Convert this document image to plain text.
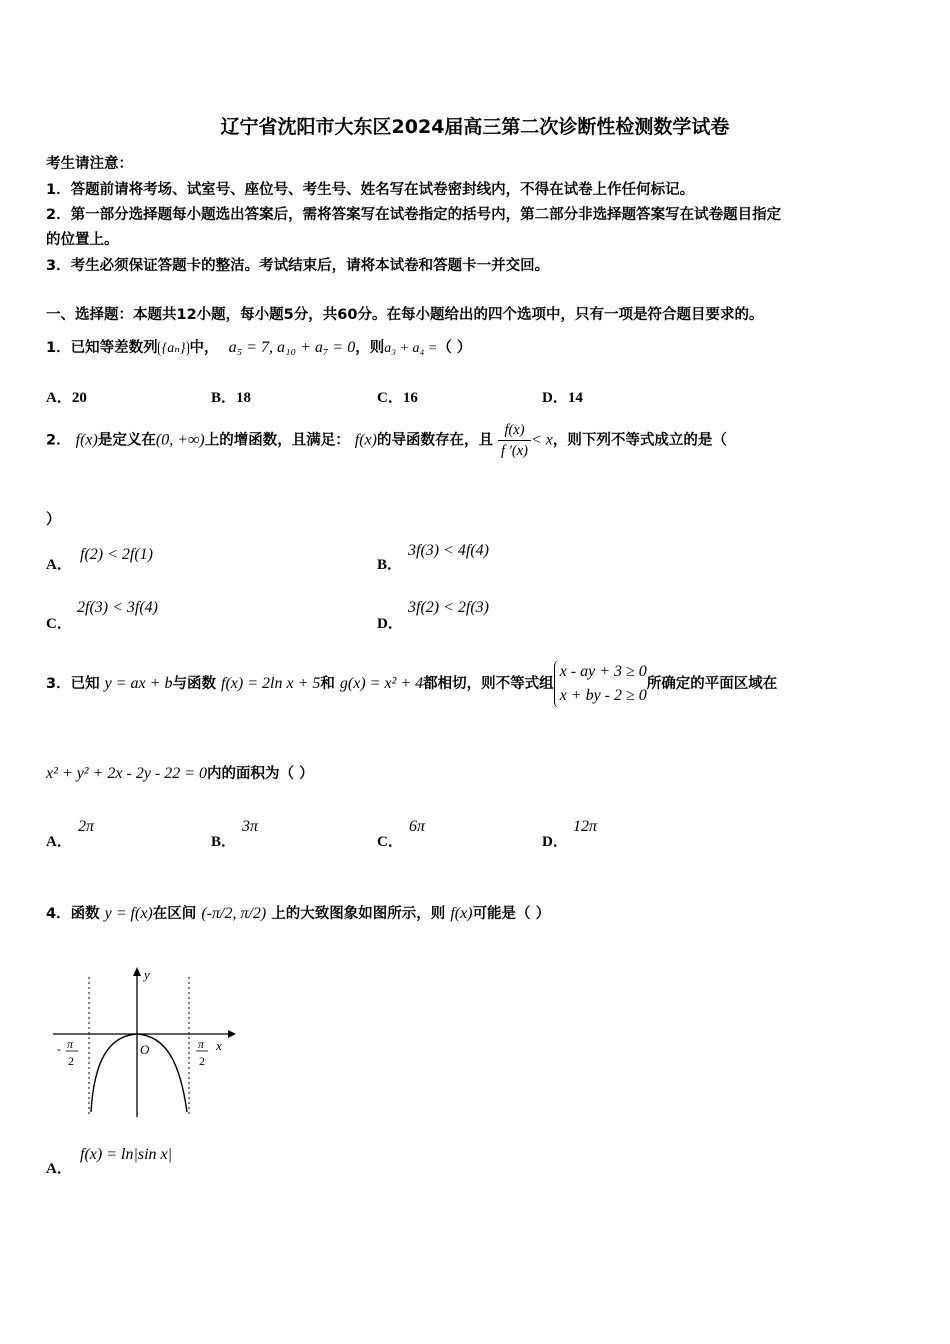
辽宁省沈阳市大东区2024届高三第二次诊断性检测数学试卷
考生请注意：
1．答题前请将考场、试室号、座位号、考生号、姓名写在试卷密封线内，不得在试卷上作任何标记。
2．第一部分选择题每小题选出答案后，需将答案写在试卷指定的括号内，第二部分非选择题答案写在试卷题目指定
的位置上。
3．考生必须保证答题卡的整洁。考试结束后，请将本试卷和答题卡一并交回。
一、选择题：本题共12小题，每小题5分，共60分。在每小题给出的四个选项中，只有一项是符合题目要求的。
1．已知等差数列 {aₙ} 中， a₅ = 7, a₁₀ + a₇ = 0，则a₃ + a₄ =（ ）
A．20	B．18	C．16	D．14
2． f(x)是定义在(0, +∞)上的增函数，且满足： f(x)的导函数存在，且 $\frac{f(x)}{f '(x)} < x$，则下列不等式成立的是（
）
A．
f(2) < 2f(1)
B．
3f(3) < 4f(4)
C．
2f(3) < 3f(4)
D．
3f(2) < 2f(3)
3．已知 y = ax + b与函数 f(x) = 2ln x + 5和 g(x) = x² + 4都相切，则不等式组
x - ay + 3 ≥ 0
x + by - 2 ≥ 0
所确定的平面区域在
x² + y² + 2x - 2y - 22 = 0内的面积为（ ）
A．
2π
B．
3π
C．
6π
D．
12π
4．函数 y = f(x)在区间 (-π/2, π/2) 上的大致图象如图所示，则 f(x)可能是（ ）
y
x
O
- π
2
π
2
A．
f(x) = ln|sin x|
